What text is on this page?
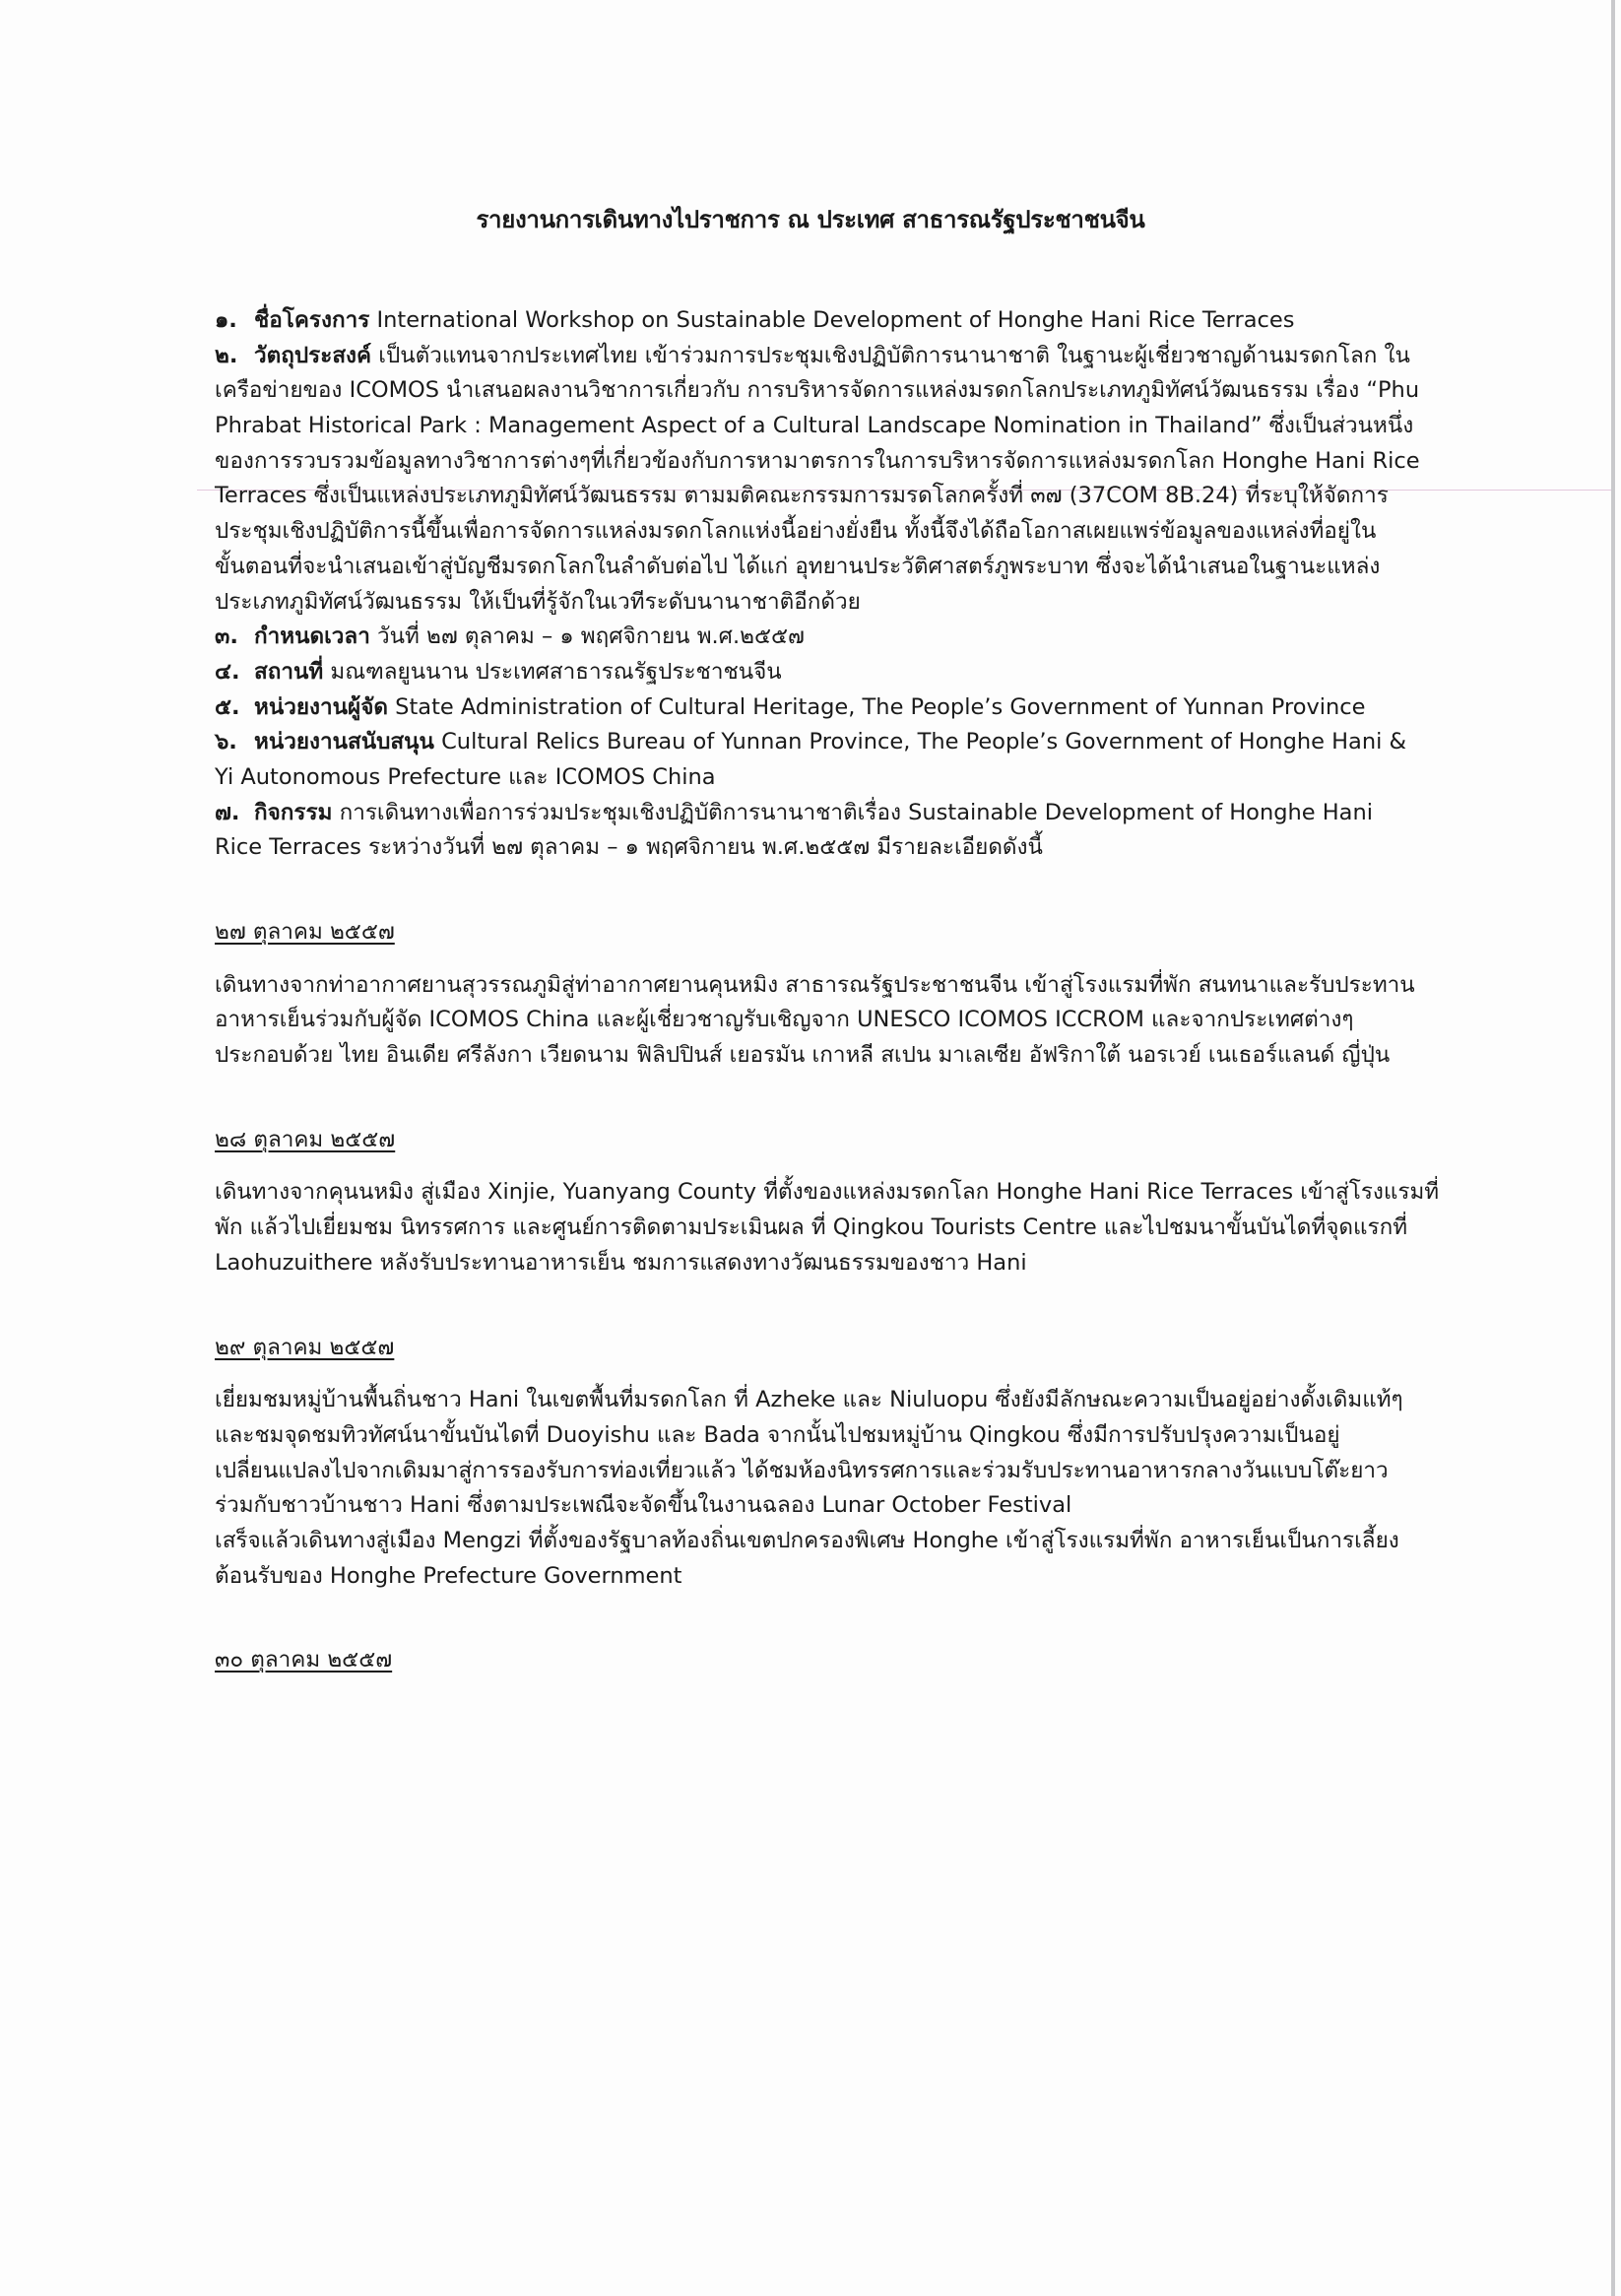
รายงานการเดินทางไปราชการ ณ ประเทศ สาธารณรัฐประชาชนจีน
๑. ชื่อโครงการ International Workshop on Sustainable Development of Honghe Hani Rice Terraces
๒. วัตถุประสงค์ เป็นตัวแทนจากประเทศไทย เข้าร่วมการประชุมเชิงปฏิบัติการนานาชาติ ในฐานะผู้เชี่ยวชาญด้านมรดกโลก ใน
เครือข่ายของ ICOMOS นำเสนอผลงานวิชาการเกี่ยวกับ การบริหารจัดการแหล่งมรดกโลกประเภทภูมิทัศน์วัฒนธรรม เรื่อง “Phu
Phrabat Historical Park : Management Aspect of a Cultural Landscape Nomination in Thailand” ซึ่งเป็นส่วนหนึ่ง
ของการรวบรวมข้อมูลทางวิชาการต่างๆที่เกี่ยวข้องกับการหามาตรการในการบริหารจัดการแหล่งมรดกโลก Honghe Hani Rice
Terraces ซึ่งเป็นแหล่งประเภทภูมิทัศน์วัฒนธรรม ตามมติคณะกรรมการมรดโลกครั้งที่ ๓๗ (37COM 8B.24) ที่ระบุให้จัดการ
ประชุมเชิงปฏิบัติการนี้ขึ้นเพื่อการจัดการแหล่งมรดกโลกแห่งนี้อย่างยั่งยืน ทั้งนี้จึงได้ถือโอกาสเผยแพร่ข้อมูลของแหล่งที่อยู่ใน
ขั้นตอนที่จะนำเสนอเข้าสู่บัญชีมรดกโลกในลำดับต่อไป ได้แก่ อุทยานประวัติศาสตร์ภูพระบาท ซึ่งจะได้นำเสนอในฐานะแหล่ง
ประเภทภูมิทัศน์วัฒนธรรม ให้เป็นที่รู้จักในเวทีระดับนานาชาติอีกด้วย
๓. กำหนดเวลา วันที่ ๒๗ ตุลาคม – ๑ พฤศจิกายน พ.ศ.๒๕๕๗
๔. สถานที่ มณฑลยูนนาน ประเทศสาธารณรัฐประชาชนจีน
๕. หน่วยงานผู้จัด State Administration of Cultural Heritage, The People’s Government of Yunnan Province
๖. หน่วยงานสนับสนุน Cultural Relics Bureau of Yunnan Province, The People’s Government of Honghe Hani &
Yi Autonomous Prefecture และ ICOMOS China
๗. กิจกรรม การเดินทางเพื่อการร่วมประชุมเชิงปฏิบัติการนานาชาติเรื่อง Sustainable Development of Honghe Hani
Rice Terraces ระหว่างวันที่ ๒๗ ตุลาคม – ๑ พฤศจิกายน พ.ศ.๒๕๕๗ มีรายละเอียดดังนี้
๒๗ ตุลาคม ๒๕๕๗
เดินทางจากท่าอากาศยานสุวรรณภูมิสู่ท่าอากาศยานคุนหมิง สาธารณรัฐประชาชนจีน เข้าสู่โรงแรมที่พัก สนทนาและรับประทาน
อาหารเย็นร่วมกับผู้จัด ICOMOS China และผู้เชี่ยวชาญรับเชิญจาก UNESCO ICOMOS ICCROM และจากประเทศต่างๆ
ประกอบด้วย ไทย อินเดีย ศรีลังกา เวียดนาม ฟิลิปปินส์ เยอรมัน เกาหลี สเปน มาเลเซีย อัฟริกาใต้ นอรเวย์ เนเธอร์แลนด์ ญี่ปุ่น
๒๘ ตุลาคม ๒๕๕๗
เดินทางจากคุนนหมิง สู่เมือง Xinjie, Yuanyang County ที่ตั้งของแหล่งมรดกโลก Honghe Hani Rice Terraces เข้าสู่โรงแรมที่
พัก แล้วไปเยี่ยมชม นิทรรศการ และศูนย์การติดตามประเมินผล ที่ Qingkou Tourists Centre และไปชมนาขั้นบันไดที่จุดแรกที่
Laohuzuithere หลังรับประทานอาหารเย็น ชมการแสดงทางวัฒนธรรมของชาว Hani
๒๙ ตุลาคม ๒๕๕๗
เยี่ยมชมหมู่บ้านพื้นถิ่นชาว Hani ในเขตพื้นที่มรดกโลก ที่ Azheke และ Niuluopu ซึ่งยังมีลักษณะความเป็นอยู่อย่างดั้งเดิมแท้ๆ
และชมจุดชมทิวทัศน์นาขั้นบันไดที่ Duoyishu และ Bada จากนั้นไปชมหมู่บ้าน Qingkou ซึ่งมีการปรับปรุงความเป็นอยู่
เปลี่ยนแปลงไปจากเดิมมาสู่การรองรับการท่องเที่ยวแล้ว ได้ชมห้องนิทรรศการและร่วมรับประทานอาหารกลางวันแบบโต๊ะยาว
ร่วมกับชาวบ้านชาว Hani ซึ่งตามประเพณีจะจัดขึ้นในงานฉลอง Lunar October Festival
เสร็จแล้วเดินทางสู่เมือง Mengzi ที่ตั้งของรัฐบาลท้องถิ่นเขตปกครองพิเศษ Honghe เข้าสู่โรงแรมที่พัก อาหารเย็นเป็นการเลี้ยง
ต้อนรับของ Honghe Prefecture Government
๓๐ ตุลาคม ๒๕๕๗
